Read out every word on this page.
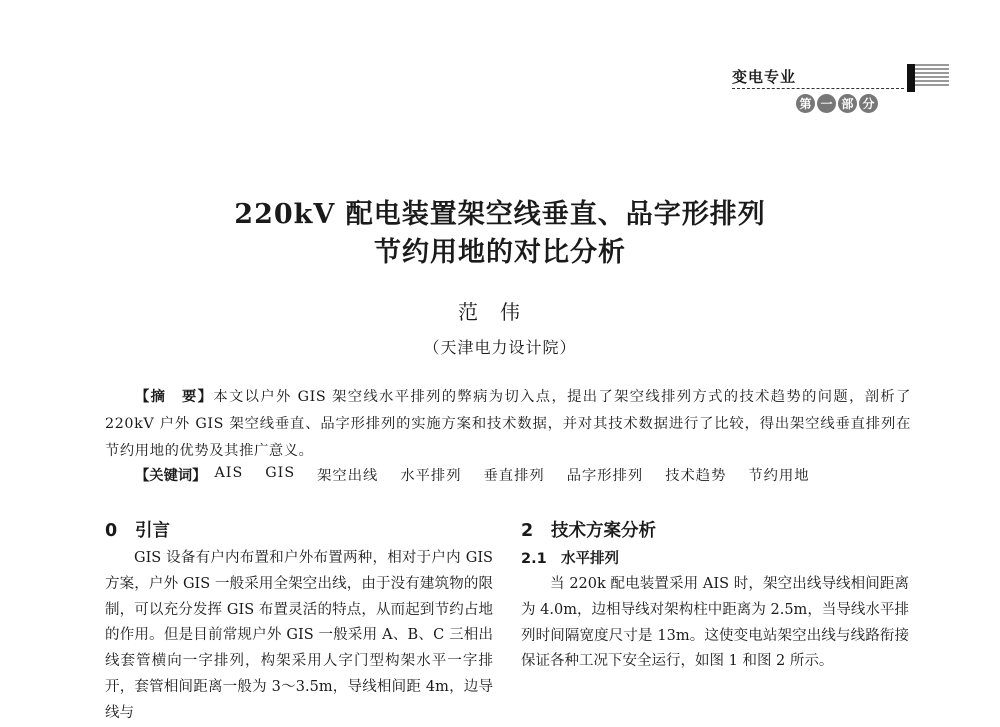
变电专业
第 一 部 分
220kV 配电装置架空线垂直、品字形排列
节约用地的对比分析
范伟
（天津电力设计院）
【摘　要】本文以户外 GIS 架空线水平排列的弊病为切入点，提出了架空线排列方式的技术趋势的问题，剖析了 220kV 户外 GIS 架空线垂直、品字形排列的实施方案和技术数据，并对其技术数据进行了比较，得出架空线垂直排列在节约用地的优势及其推广意义。
【关键词】 AIS GIS 架空出线 水平排列 垂直排列 品字形排列 技术趋势 节约用地
0 引言

GIS 设备有户内布置和户外布置两种，相对于户内 GIS 方案，户外 GIS 一般采用全架空出线，由于没有建筑物的限制，可以充分发挥 GIS 布置灵活的特点，从而起到节约占地的作用。但是目前常规户外 GIS 一般采用 A、B、C 三相出线套管横向一字排列，构架采用人字门型构架水平一字排开，套管相间距离一般为 3～3.5m，导线相间距 4m，边导线与

2 技术方案分析
2.1 水平排列

当 220k 配电装置采用 AIS 时，架空出线导线相间距离为 4.0m，边相导线对架构柱中距离为 2.5m，当导线水平排列时间隔宽度尺寸是 13m。这使变电站架空出线与线路衔接保证各种工况下安全运行，如图 1 和图 2 所示。
